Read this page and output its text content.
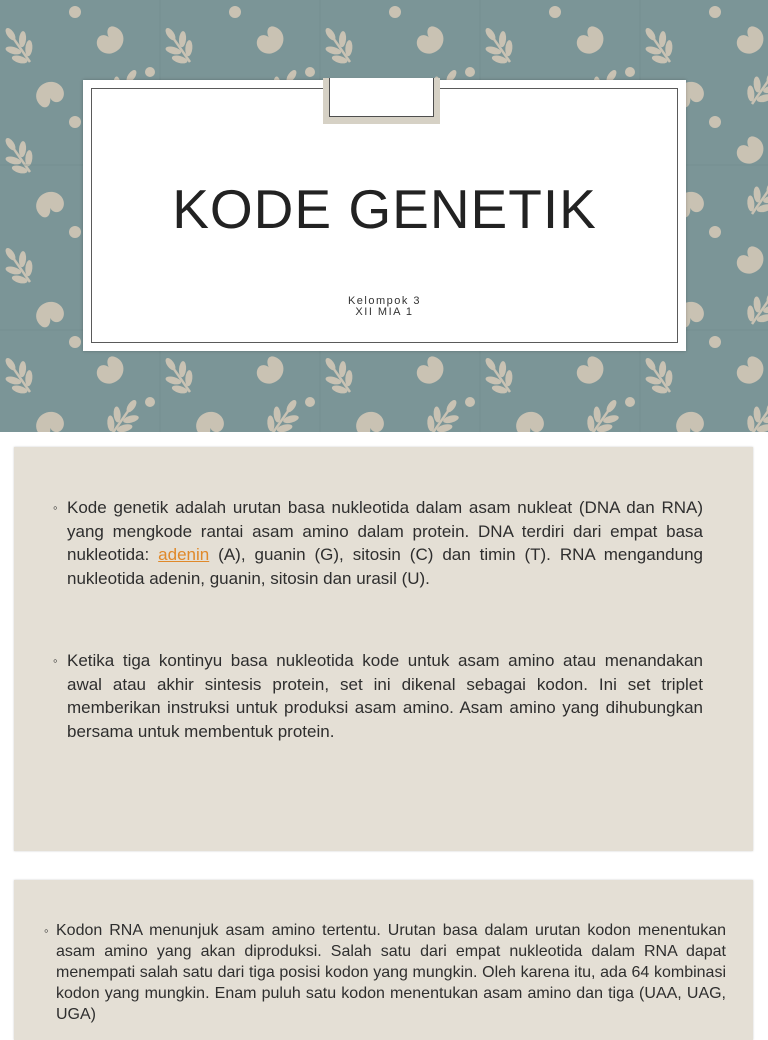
KODE GENETIK
Kelompok 3
XII MIA 1
◦ Kode genetik adalah urutan basa nukleotida dalam asam nukleat (DNA dan RNA) yang mengkode rantai asam amino dalam protein. DNA terdiri dari empat basa nukleotida: adenin (A), guanin (G), sitosin (C) dan timin (T). RNA mengandung nukleotida adenin, guanin, sitosin dan urasil (U).
◦ Ketika tiga kontinyu basa nukleotida kode untuk asam amino atau menandakan awal atau akhir sintesis protein, set ini dikenal sebagai kodon. Ini set triplet memberikan instruksi untuk produksi asam amino. Asam amino yang dihubungkan bersama untuk membentuk protein.
◦ Kodon RNA menunjuk asam amino tertentu. Urutan basa dalam urutan kodon menentukan asam amino yang akan diproduksi. Salah satu dari empat nukleotida dalam RNA dapat menempati salah satu dari tiga posisi kodon yang mungkin. Oleh karena itu, ada 64 kombinasi kodon yang mungkin. Enam puluh satu kodon menentukan asam amino dan tiga (UAA, UAG, UGA)
